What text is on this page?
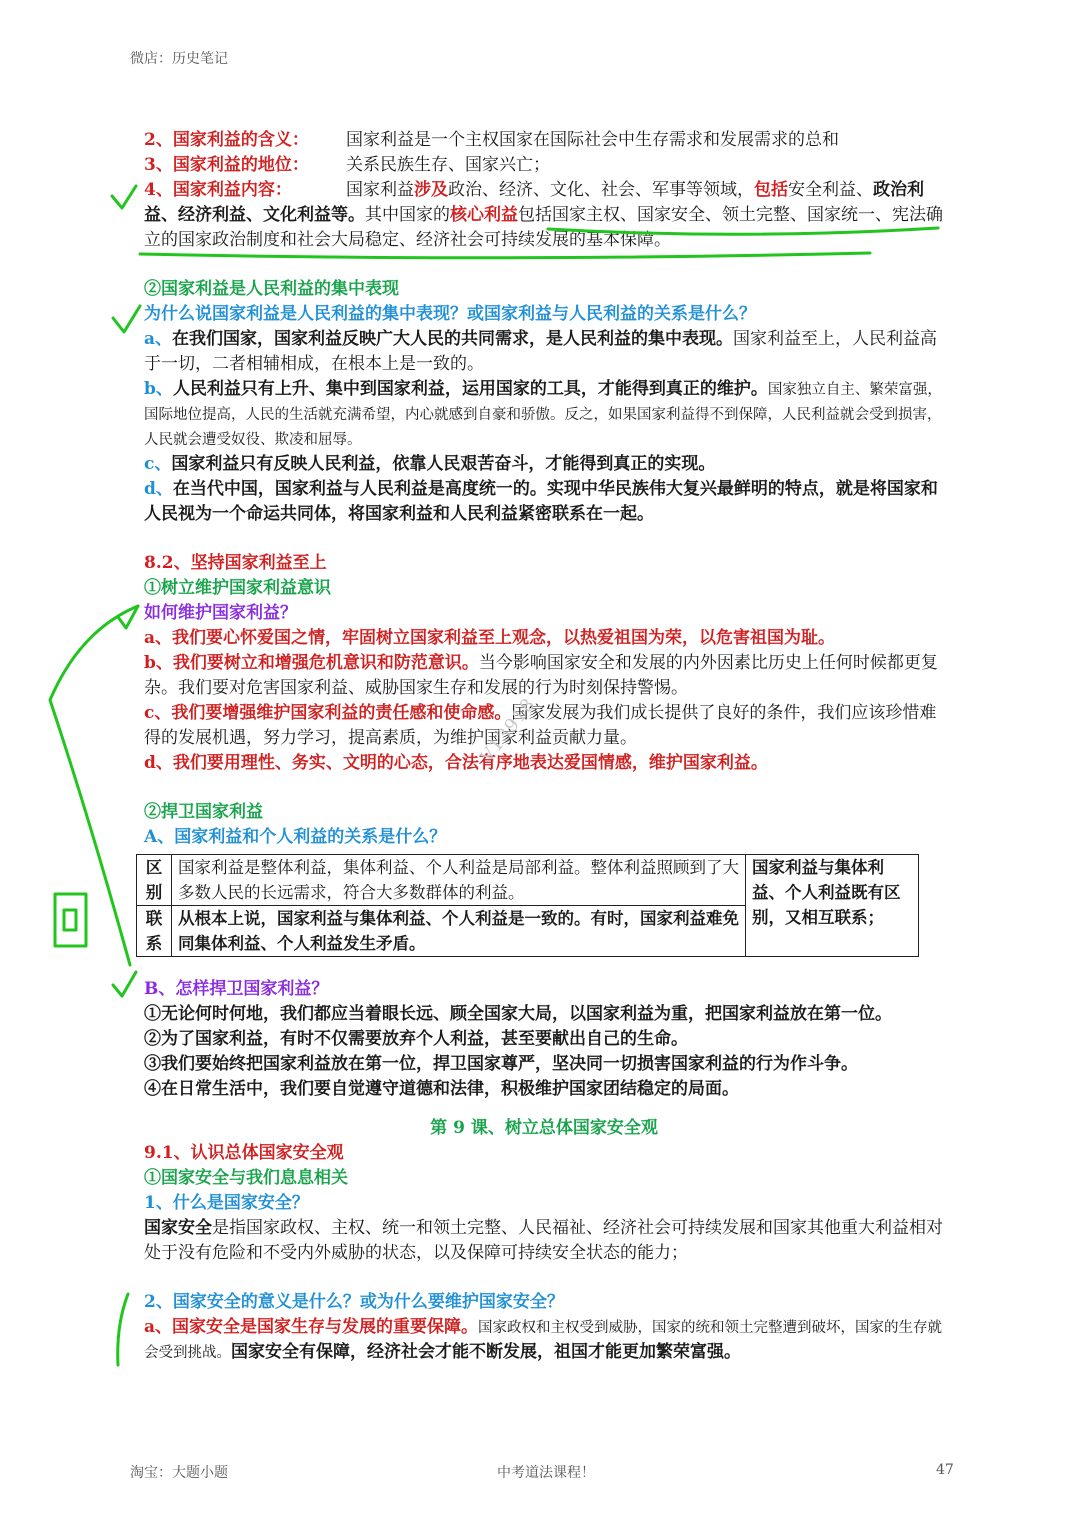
微店：历史笔记

2、国家利益的含义： 国家利益是一个主权国家在国际社会中生存需求和发展需求的总和

3、国家利益的地位： 关系民族生存、国家兴亡；

4、国家利益内容：	国家利益涉及政治、经济、文化、社会、军事等领域，包括安全利益、政治利益、经济利益、文化利益等。其中国家的核心利益包括国家主权、国家安全、领土完整、国家统一、宪法确立的国家政治制度和社会大局稳定、经济社会可持续发展的基本保障。

②国家利益是人民利益的集中表现

为什么说国家利益是人民利益的集中表现？或国家利益与人民利益的关系是什么？

a、在我们国家，国家利益反映广大人民的共同需求，是人民利益的集中表现。国家利益至上，人民利益高于一切，二者相辅相成，在根本上是一致的。

b、人民利益只有上升、集中到国家利益，运用国家的工具，才能得到真正的维护。国家独立自主、繁荣富强，国际地位提高，人民的生活就充满希望，内心就感到自豪和骄傲。反之，如果国家利益得不到保障，人民利益就会受到损害，人民就会遭受奴役、欺凌和屈辱。

c、国家利益只有反映人民利益，依靠人民艰苦奋斗，才能得到真正的实现。

d、在当代中国，国家利益与人民利益是高度统一的。实现中华民族伟大复兴最鲜明的特点，就是将国家和人民视为一个命运共同体，将国家利益和人民利益紧密联系在一起。

8.2、坚持国家利益至上

①树立维护国家利益意识

如何维护国家利益？

a、我们要心怀爱国之情，牢固树立国家利益至上观念，以热爱祖国为荣，以危害祖国为耻。

b、我们要树立和增强危机意识和防范意识。当今影响国家安全和发展的内外因素比历史上任何时候都更复杂。我们要对危害国家利益、威胁国家生存和发展的行为时刻保持警惕。

c、我们要增强维护国家利益的责任感和使命感。国家发展为我们成长提供了良好的条件，我们应该珍惜难得的发展机遇，努力学习，提高素质，为维护国家利益贡献力量。

d、我们要用理性、务实、文明的心态，合法有序地表达爱国情感，维护国家利益。

②捍卫国家利益

A、国家利益和个人利益的关系是什么？

区别	国家利益是整体利益，集体利益、个人利益是局部利益。整体利益照顾到了大多数人民的长远需求，符合大多数群体的利益。	国家利益与集体利益、个人利益既有区别，又相互联系；
联系	从根本上说，国家利益与集体利益、个人利益是一致的。有时，国家利益难免同集体利益、个人利益发生矛盾。	

B、怎样捍卫国家利益？

①无论何时何地，我们都应当着眼长远、顾全国家大局，以国家利益为重，把国家利益放在第一位。

②为了国家利益，有时不仅需要放弃个人利益，甚至要献出自己的生命。

③我们要始终把国家利益放在第一位，捍卫国家尊严，坚决同一切损害国家利益的行为作斗争。

④在日常生活中，我们要自觉遵守道德和法律，积极维护国家团结稳定的局面。

第 9 课、树立总体国家安全观

9.1、认识总体国家安全观

①国家安全与我们息息相关

1、什么是国家安全？

国家安全是指国家政权、主权、统一和领土完整、人民福祉、经济社会可持续发展和国家其他重大利益相对处于没有危险和不受内外威胁的状态，以及保障可持续安全状态的能力；

2、国家安全的意义是什么？或为什么要维护国家安全？

a、国家安全是国家生存与发展的重要保障。国家政权和主权受到威胁，国家的统和领土完整遭到破坏，国家的生存就会受到挑战。国家安全有保障，经济社会才能不断发展，祖国才能更加繁荣富强。

V13918
淘宝：大题小题	中考道法课程！	47
